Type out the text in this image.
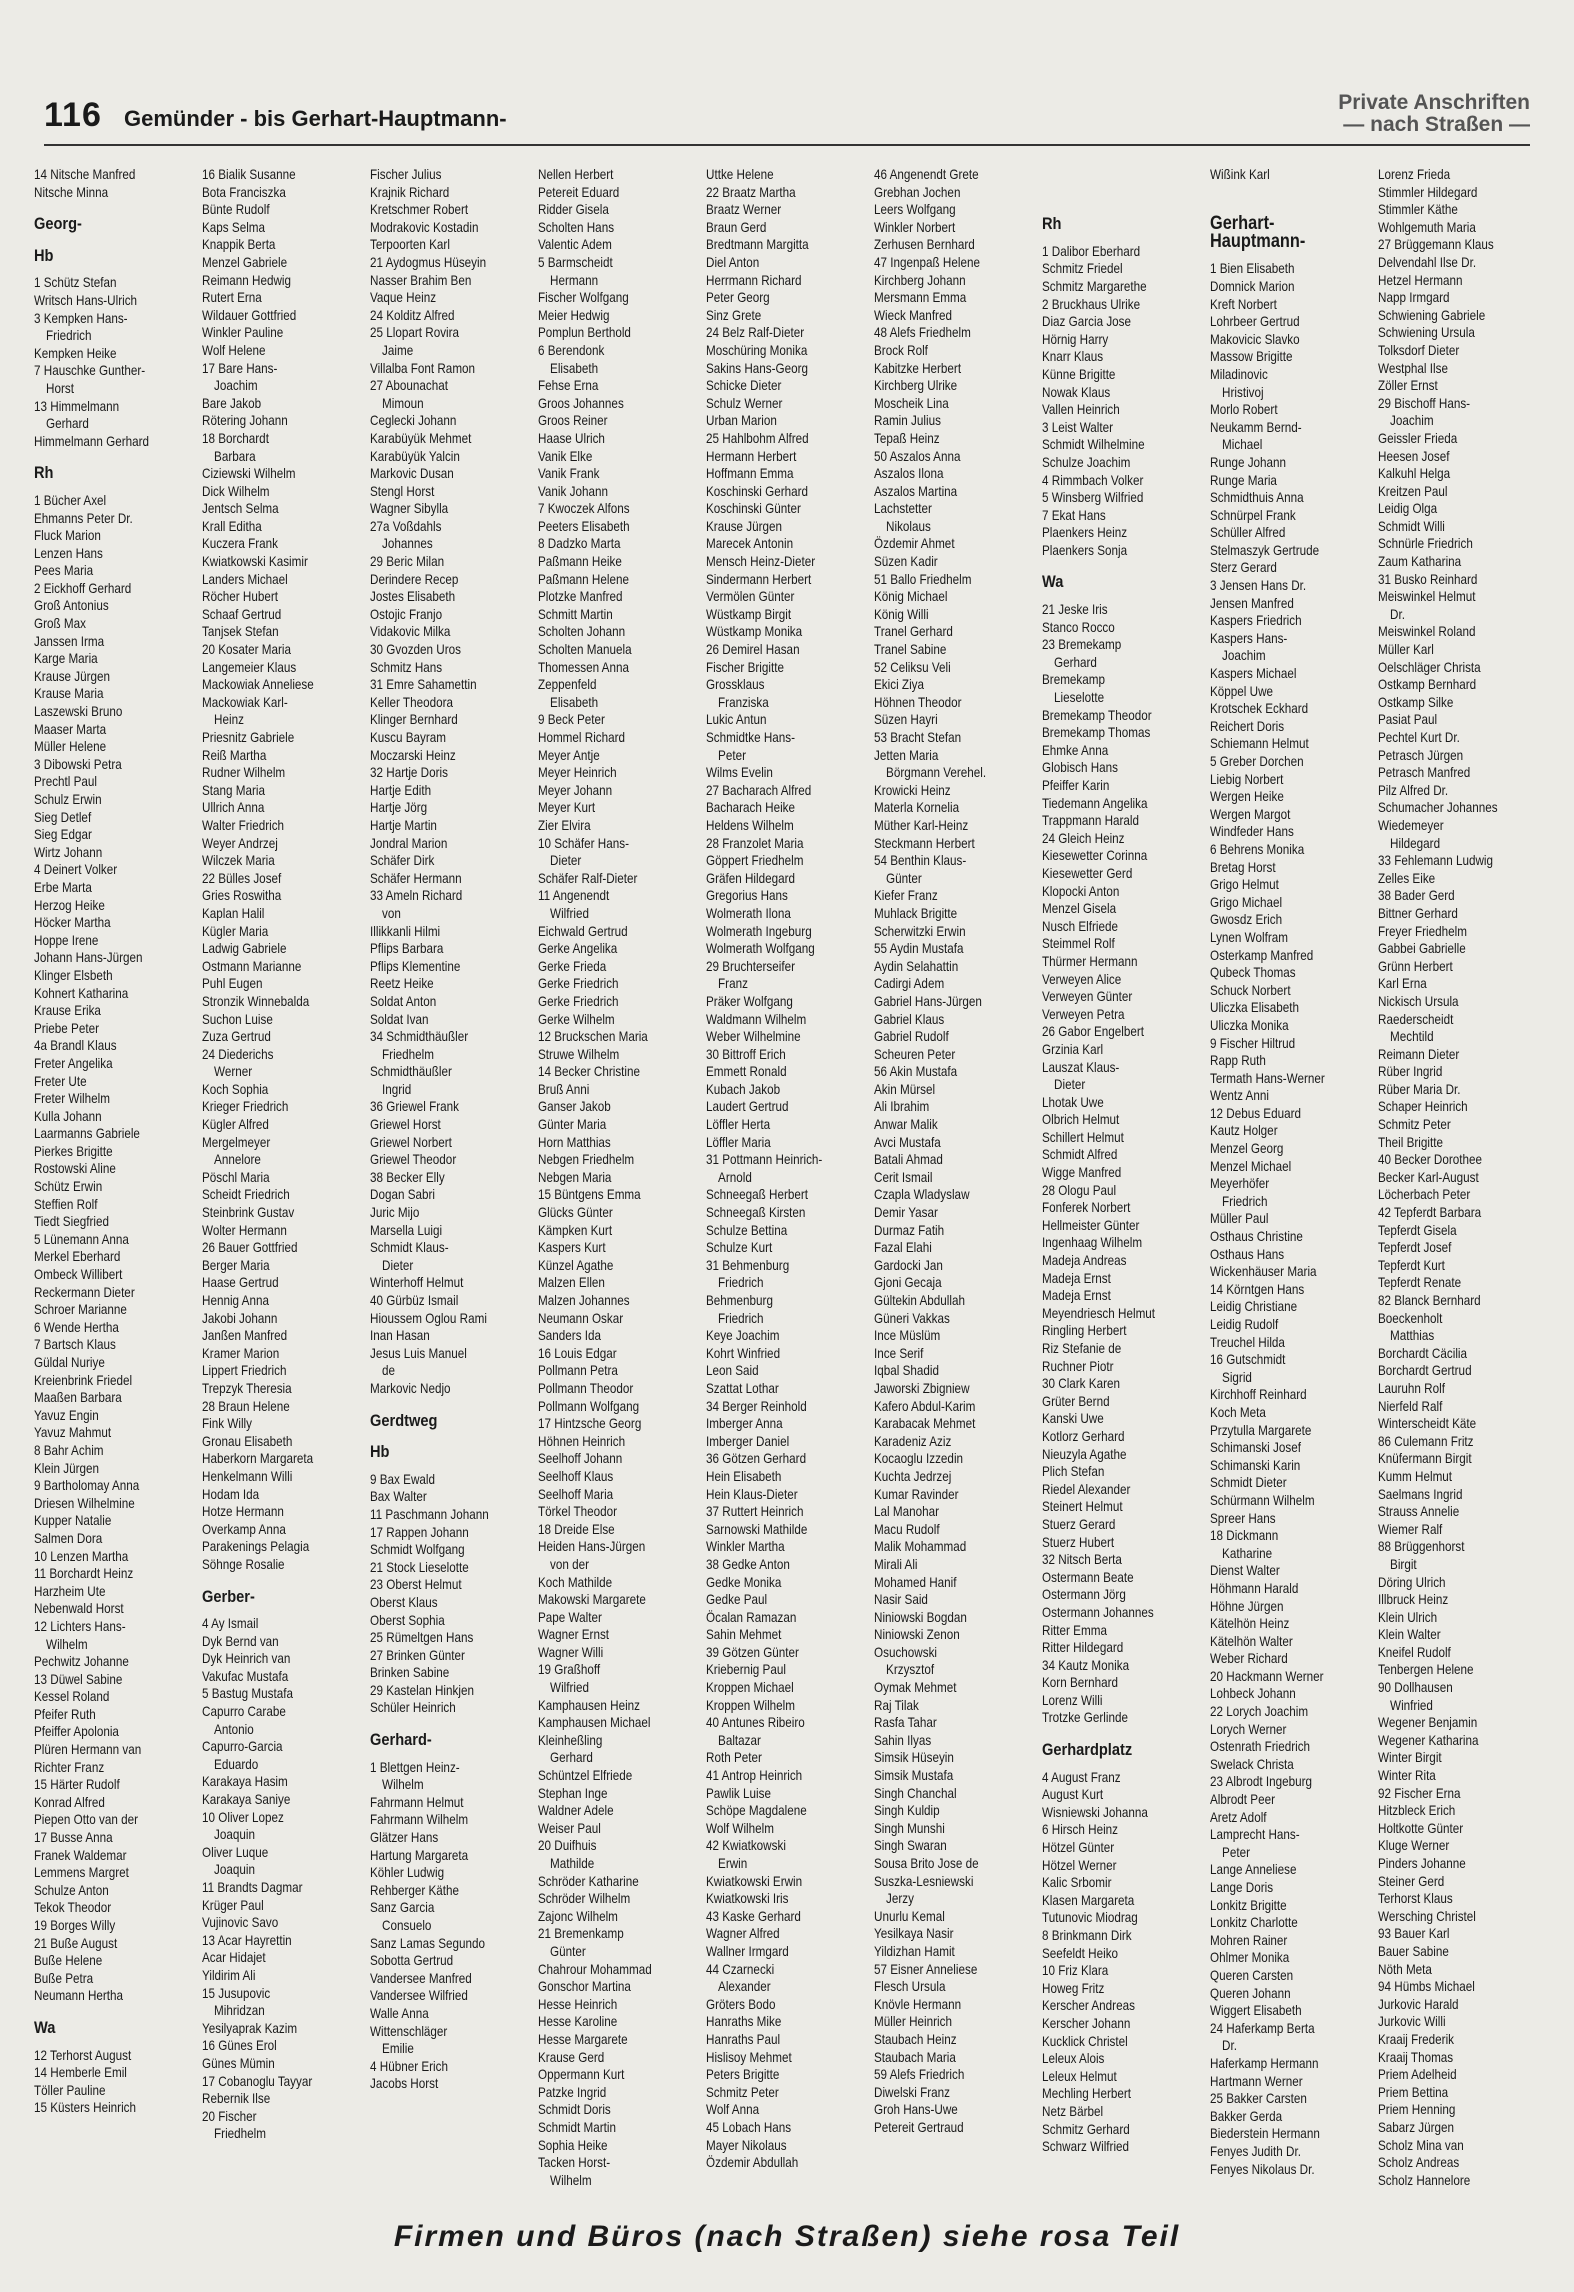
116 Gemünder - bis Gerhart-Hauptmann-
Private Anschriften
— nach Straßen —
14 Nitsche Manfred
Nitsche Minna
Georg-
Hb
1 Schütz Stefan
Writsch Hans-Ulrich
3 Kempken Hans-
Friedrich
Kempken Heike
7 Hauschke Gunther-
Horst
13 Himmelmann
Gerhard
Himmelmann Gerhard
Rh
1 Bücher Axel
Ehmanns Peter Dr.
Fluck Marion
Lenzen Hans
Pees Maria
2 Eickhoff Gerhard
Groß Antonius
Groß Max
Janssen Irma
Karge Maria
Krause Jürgen
Krause Maria
Laszewski Bruno
Maaser Marta
Müller Helene
3 Dibowski Petra
Prechtl Paul
Schulz Erwin
Sieg Detlef
Sieg Edgar
Wirtz Johann
4 Deinert Volker
Erbe Marta
Herzog Heike
Höcker Martha
Hoppe Irene
Johann Hans-Jürgen
Klinger Elsbeth
Kohnert Katharina
Krause Erika
Priebe Peter
4a Brandl Klaus
Freter Angelika
Freter Ute
Freter Wilhelm
Kulla Johann
Laarmanns Gabriele
Pierkes Brigitte
Rostowski Aline
Schütz Erwin
Steffien Rolf
Tiedt Siegfried
5 Lünemann Anna
Merkel Eberhard
Ombeck Willibert
Reckermann Dieter
Schroer Marianne
6 Wende Hertha
7 Bartsch Klaus
Güldal Nuriye
Kreienbrink Friedel
Maaßen Barbara
Yavuz Engin
Yavuz Mahmut
8 Bahr Achim
Klein Jürgen
9 Bartholomay Anna
Driesen Wilhelmine
Kupper Natalie
Salmen Dora
10 Lenzen Martha
11 Borchardt Heinz
Harzheim Ute
Nebenwald Horst
12 Lichters Hans-
Wilhelm
Pechwitz Johanne
13 Düwel Sabine
Kessel Roland
Pfeifer Ruth
Pfeiffer Apolonia
Plüren Hermann van
Richter Franz
15 Härter Rudolf
Konrad Alfred
Piepen Otto van der
17 Busse Anna
Franek Waldemar
Lemmens Margret
Schulze Anton
Tekok Theodor
19 Borges Willy
21 Buße August
Buße Helene
Buße Petra
Neumann Hertha
Wa
12 Terhorst August
14 Hemberle Emil
Töller Pauline
15 Küsters Heinrich
16 Bialik Susanne
Bota Franciszka
Bünte Rudolf
Kaps Selma
Knappik Berta
Menzel Gabriele
Reimann Hedwig
Rutert Erna
Wildauer Gottfried
Winkler Pauline
Wolf Helene
17 Bare Hans-
Joachim
Bare Jakob
Rötering Johann
18 Borchardt
Barbara
Ciziewski Wilhelm
Dick Wilhelm
Jentsch Selma
Krall Editha
Kuczera Frank
Kwiatkowski Kasimir
Landers Michael
Röcher Hubert
Schaaf Gertrud
Tanjsek Stefan
20 Kosater Maria
Langemeier Klaus
Mackowiak Anneliese
Mackowiak Karl-
Heinz
Priesnitz Gabriele
Reiß Martha
Rudner Wilhelm
Stang Maria
Ullrich Anna
Walter Friedrich
Weyer Andrzej
Wilczek Maria
22 Bülles Josef
Gries Roswitha
Kaplan Halil
Kügler Maria
Ladwig Gabriele
Ostmann Marianne
Puhl Eugen
Stronzik Winnebalda
Suchon Luise
Zuza Gertrud
24 Diederichs
Werner
Koch Sophia
Krieger Friedrich
Kügler Alfred
Mergelmeyer
Annelore
Pöschl Maria
Scheidt Friedrich
Steinbrink Gustav
Wolter Hermann
26 Bauer Gottfried
Berger Maria
Haase Gertrud
Hennig Anna
Jakobi Johann
Janßen Manfred
Kramer Marion
Lippert Friedrich
Trepzyk Theresia
28 Braun Helene
Fink Willy
Gronau Elisabeth
Haberkorn Margareta
Henkelmann Willi
Hodam Ida
Hotze Hermann
Overkamp Anna
Parakenings Pelagia
Söhnge Rosalie
Gerber-
4 Ay Ismail
Dyk Bernd van
Dyk Heinrich van
Vakufac Mustafa
5 Bastug Mustafa
Capurro Carabe
Antonio
Capurro-Garcia
Eduardo
Karakaya Hasim
Karakaya Saniye
10 Oliver Lopez
Joaquin
Oliver Luque
Joaquin
11 Brandts Dagmar
Krüger Paul
Vujinovic Savo
13 Acar Hayrettin
Acar Hidajet
Yildirim Ali
15 Jusupovic
Mihridzan
Yesilyaprak Kazim
16 Günes Erol
Günes Mümin
17 Cobanoglu Tayyar
Rebernik Ilse
20 Fischer
Friedhelm
Fischer Julius
Krajnik Richard
Kretschmer Robert
Modrakovic Kostadin
Terpoorten Karl
21 Aydogmus Hüseyin
Nasser Brahim Ben
Vaque Heinz
24 Kolditz Alfred
25 Llopart Rovira
Jaime
Villalba Font Ramon
27 Abounachat
Mimoun
Ceglecki Johann
Karabüyük Mehmet
Karabüyük Yalcin
Markovic Dusan
Stengl Horst
Wagner Sibylla
27a Voßdahls
Johannes
29 Beric Milan
Derindere Recep
Jostes Elisabeth
Ostojic Franjo
Vidakovic Milka
30 Gvozden Uros
Schmitz Hans
31 Emre Sahamettin
Keller Theodora
Klinger Bernhard
Kuscu Bayram
Moczarski Heinz
32 Hartje Doris
Hartje Edith
Hartje Jörg
Hartje Martin
Jondral Marion
Schäfer Dirk
Schäfer Hermann
33 Ameln Richard
von
Illikkanli Hilmi
Pflips Barbara
Pflips Klementine
Reetz Heike
Soldat Anton
Soldat Ivan
34 Schmidthäußler
Friedhelm
Schmidthäußler
Ingrid
36 Griewel Frank
Griewel Horst
Griewel Norbert
Griewel Theodor
38 Becker Elly
Dogan Sabri
Juric Mijo
Marsella Luigi
Schmidt Klaus-
Dieter
Winterhoff Helmut
40 Gürbüz Ismail
Hioussem Oglou Rami
Inan Hasan
Jesus Luis Manuel
de
Markovic Nedjo
Gerdtweg
Hb
9 Bax Ewald
Bax Walter
11 Paschmann Johann
17 Rappen Johann
Schmidt Wolfgang
21 Stock Lieselotte
23 Oberst Helmut
Oberst Klaus
Oberst Sophia
25 Rümeltgen Hans
27 Brinken Günter
Brinken Sabine
29 Kastelan Hinkjen
Schüler Heinrich
Gerhard-
1 Blettgen Heinz-
Wilhelm
Fahrmann Helmut
Fahrmann Wilhelm
Glätzer Hans
Hartung Margareta
Köhler Ludwig
Rehberger Käthe
Sanz Garcia
Consuelo
Sanz Lamas Segundo
Sobotta Gertrud
Vandersee Manfred
Vandersee Wilfried
Walle Anna
Wittenschläger
Emilie
4 Hübner Erich
Jacobs Horst
Nellen Herbert
Petereit Eduard
Ridder Gisela
Scholten Hans
Valentic Adem
5 Barmscheidt
Hermann
Fischer Wolfgang
Meier Hedwig
Pomplun Berthold
6 Berendonk
Elisabeth
Fehse Erna
Groos Johannes
Groos Reiner
Haase Ulrich
Vanik Elke
Vanik Frank
Vanik Johann
7 Kwoczek Alfons
Peeters Elisabeth
8 Dadzko Marta
Paßmann Heike
Paßmann Helene
Plotzke Manfred
Schmitt Martin
Scholten Johann
Scholten Manuela
Thomessen Anna
Zeppenfeld
Elisabeth
9 Beck Peter
Hommel Richard
Meyer Antje
Meyer Heinrich
Meyer Johann
Meyer Kurt
Zier Elvira
10 Schäfer Hans-
Dieter
Schäfer Ralf-Dieter
11 Angenendt
Wilfried
Eichwald Gertrud
Gerke Angelika
Gerke Frieda
Gerke Friedrich
Gerke Friedrich
Gerke Wilhelm
12 Bruckschen Maria
Struwe Wilhelm
14 Becker Christine
Bruß Anni
Ganser Jakob
Günter Maria
Horn Matthias
Nebgen Friedhelm
Nebgen Maria
15 Büntgens Emma
Glücks Günter
Kämpken Kurt
Kaspers Kurt
Künzel Agathe
Malzen Ellen
Malzen Johannes
Neumann Oskar
Sanders Ida
16 Louis Edgar
Pollmann Petra
Pollmann Theodor
Pollmann Wolfgang
17 Hintzsche Georg
Höhnen Heinrich
Seelhoff Johann
Seelhoff Klaus
Seelhoff Maria
Törkel Theodor
18 Dreide Else
Heiden Hans-Jürgen
von der
Koch Mathilde
Makowski Margarete
Pape Walter
Wagner Ernst
Wagner Willi
19 Graßhoff
Wilfried
Kamphausen Heinz
Kamphausen Michael
Kleinheßling
Gerhard
Schüntzel Elfriede
Stephan Inge
Waldner Adele
Weiser Paul
20 Duifhuis
Mathilde
Schröder Katharine
Schröder Wilhelm
Zajonc Wilhelm
21 Bremenkamp
Günter
Chahrour Mohammad
Gonschor Martina
Hesse Heinrich
Hesse Karoline
Hesse Margarete
Krause Gerd
Oppermann Kurt
Patzke Ingrid
Schmidt Doris
Schmidt Martin
Sophia Heike
Tacken Horst-
Wilhelm
Uttke Helene
22 Braatz Martha
Braatz Werner
Braun Gerd
Bredtmann Margitta
Diel Anton
Herrmann Richard
Peter Georg
Sinz Grete
24 Belz Ralf-Dieter
Moschüring Monika
Sakins Hans-Georg
Schicke Dieter
Schulz Werner
Urban Marion
25 Hahlbohm Alfred
Hermann Herbert
Hoffmann Emma
Koschinski Gerhard
Koschinski Günter
Krause Jürgen
Marecek Antonin
Mensch Heinz-Dieter
Sindermann Herbert
Vermölen Günter
Wüstkamp Birgit
Wüstkamp Monika
26 Demirel Hasan
Fischer Brigitte
Grossklaus
Franziska
Lukic Antun
Schmidtke Hans-
Peter
Wilms Evelin
27 Bacharach Alfred
Bacharach Heike
Heldens Wilhelm
28 Franzolet Maria
Göppert Friedhelm
Gräfen Hildegard
Gregorius Hans
Wolmerath Ilona
Wolmerath Ingeburg
Wolmerath Wolfgang
29 Bruchterseifer
Franz
Präker Wolfgang
Waldmann Wilhelm
Weber Wilhelmine
30 Bittroff Erich
Emmett Ronald
Kubach Jakob
Laudert Gertrud
Löffler Herta
Löffler Maria
31 Pottmann Heinrich-
Arnold
Schneegaß Herbert
Schneegaß Kirsten
Schulze Bettina
Schulze Kurt
31 Behmenburg
Friedrich
Behmenburg
Friedrich
Keye Joachim
Kohrt Winfried
Leon Said
Szattat Lothar
34 Berger Reinhold
Imberger Anna
Imberger Daniel
36 Götzen Gerhard
Hein Elisabeth
Hein Klaus-Dieter
37 Ruttert Heinrich
Sarnowski Mathilde
Winkler Martha
38 Gedke Anton
Gedke Monika
Gedke Paul
Öcalan Ramazan
Sahin Mehmet
39 Götzen Günter
Kriebernig Paul
Kroppen Michael
Kroppen Wilhelm
40 Antunes Ribeiro
Baltazar
Roth Peter
41 Antrop Heinrich
Pawlik Luise
Schöpe Magdalene
Wolf Wilhelm
42 Kwiatkowski
Erwin
Kwiatkowski Erwin
Kwiatkowski Iris
43 Kaske Gerhard
Wagner Alfred
Wallner Irmgard
44 Czarnecki
Alexander
Gröters Bodo
Hanraths Mike
Hanraths Paul
Hislisoy Mehmet
Peters Brigitte
Schmitz Peter
Wolf Anna
45 Lobach Hans
Mayer Nikolaus
Özdemir Abdullah
46 Angenendt Grete
Grebhan Jochen
Leers Wolfgang
Winkler Norbert
Zerhusen Bernhard
47 Ingenpaß Helene
Kirchberg Johann
Mersmann Emma
Wieck Manfred
48 Alefs Friedhelm
Brock Rolf
Kabitzke Herbert
Kirchberg Ulrike
Moscheik Lina
Ramin Julius
Tepaß Heinz
50 Aszalos Anna
Aszalos Ilona
Aszalos Martina
Lachstetter
Nikolaus
Özdemir Ahmet
Süzen Kadir
51 Ballo Friedhelm
König Michael
König Willi
Tranel Gerhard
Tranel Sabine
52 Celiksu Veli
Ekici Ziya
Höhnen Theodor
Süzen Hayri
53 Bracht Stefan
Jetten Maria
Börgmann Verehel.
Krowicki Heinz
Materla Kornelia
Müther Karl-Heinz
Steckmann Herbert
54 Benthin Klaus-
Günter
Kiefer Franz
Muhlack Brigitte
Scherwitzki Erwin
55 Aydin Mustafa
Aydin Selahattin
Cadirgi Adem
Gabriel Hans-Jürgen
Gabriel Klaus
Gabriel Rudolf
Scheuren Peter
56 Akin Mustafa
Akin Mürsel
Ali Ibrahim
Anwar Malik
Avci Mustafa
Batali Ahmad
Cerit Ismail
Czapla Wladyslaw
Demir Yasar
Durmaz Fatih
Fazal Elahi
Gardocki Jan
Gjoni Gecaja
Gültekin Abdullah
Güneri Vakkas
Ince Müslüm
Ince Serif
Iqbal Shadid
Jaworski Zbigniew
Kafero Abdul-Karim
Karabacak Mehmet
Karadeniz Aziz
Kocaoglu Izzedin
Kuchta Jedrzej
Kumar Ravinder
Lal Manohar
Macu Rudolf
Malik Mohammad
Mirali Ali
Mohamed Hanif
Nasir Said
Niniowski Bogdan
Niniowski Zenon
Osuchowski
Krzysztof
Oymak Mehmet
Raj Tilak
Rasfa Tahar
Sahin Ilyas
Simsik Hüseyin
Simsik Mustafa
Singh Chanchal
Singh Kuldip
Singh Munshi
Singh Swaran
Sousa Brito Jose de
Suszka-Lesniewski
Jerzy
Unurlu Kemal
Yesilkaya Nasir
Yildizhan Hamit
57 Eisner Anneliese
Flesch Ursula
Knövle Hermann
Müller Heinrich
Staubach Heinz
Staubach Maria
59 Alefs Friedrich
Diwelski Franz
Groh Hans-Uwe
Petereit Gertraud

Rh
1 Dalibor Eberhard
Schmitz Friedel
Schmitz Margarethe
2 Bruckhaus Ulrike
Diaz Garcia Jose
Hörnig Harry
Knarr Klaus
Künne Brigitte
Nowak Klaus
Vallen Heinrich
3 Leist Walter
Schmidt Wilhelmine
Schulze Joachim
4 Rimmbach Volker
5 Winsberg Wilfried
7 Ekat Hans
Plaenkers Heinz
Plaenkers Sonja
Wa
21 Jeske Iris
Stanco Rocco
23 Bremekamp
Gerhard
Bremekamp
Lieselotte
Bremekamp Theodor
Bremekamp Thomas
Ehmke Anna
Globisch Hans
Pfeiffer Karin
Tiedemann Angelika
Trappmann Harald
24 Gleich Heinz
Kiesewetter Corinna
Kiesewetter Gerd
Klopocki Anton
Menzel Gisela
Nusch Elfriede
Steimmel Rolf
Thürmer Hermann
Verweyen Alice
Verweyen Günter
Verweyen Petra
26 Gabor Engelbert
Grzinia Karl
Lauszat Klaus-
Dieter
Lhotak Uwe
Olbrich Helmut
Schillert Helmut
Schmidt Alfred
Wigge Manfred
28 Ologu Paul
Fonferek Norbert
Hellmeister Günter
Ingenhaag Wilhelm
Madeja Andreas
Madeja Ernst
Madeja Ernst
Meyendriesch Helmut
Ringling Herbert
Riz Stefanie de
Ruchner Piotr
30 Clark Karen
Grüter Bernd
Kanski Uwe
Kotlorz Gerhard
Nieuzyla Agathe
Plich Stefan
Riedel Alexander
Steinert Helmut
Stuerz Gerard
Stuerz Hubert
32 Nitsch Berta
Ostermann Beate
Ostermann Jörg
Ostermann Johannes
Ritter Emma
Ritter Hildegard
34 Kautz Monika
Korn Bernhard
Lorenz Willi
Trotzke Gerlinde
Gerhardplatz
4 August Franz
August Kurt
Wisniewski Johanna
6 Hirsch Heinz
Hötzel Günter
Hötzel Werner
Kalic Srbomir
Klasen Margareta
Tutunovic Miodrag
8 Brinkmann Dirk
Seefeldt Heiko
10 Friz Klara
Howeg Fritz
Kerscher Andreas
Kerscher Johann
Kucklick Christel
Leleux Alois
Leleux Helmut
Mechling Herbert
Netz Bärbel
Schmitz Gerhard
Schwarz Wilfried
Wißink Karl

Gerhart-Hauptmann-
1 Bien Elisabeth
Domnick Marion
Kreft Norbert
Lohrbeer Gertrud
Makovicic Slavko
Massow Brigitte
Miladinovic
Hristivoj
Morlo Robert
Neukamm Bernd-
Michael
Runge Johann
Runge Maria
Schmidthuis Anna
Schnürpel Frank
Schüller Alfred
Stelmaszyk Gertrude
Sterz Gerard
3 Jensen Hans Dr.
Jensen Manfred
Kaspers Friedrich
Kaspers Hans-
Joachim
Kaspers Michael
Köppel Uwe
Krotschek Eckhard
Reichert Doris
Schiemann Helmut
5 Greber Dorchen
Liebig Norbert
Wergen Heike
Wergen Margot
Windfeder Hans
6 Behrens Monika
Bretag Horst
Grigo Helmut
Grigo Michael
Gwosdz Erich
Lynen Wolfram
Osterkamp Manfred
Qubeck Thomas
Schuck Norbert
Uliczka Elisabeth
Uliczka Monika
9 Fischer Hiltrud
Rapp Ruth
Termath Hans-Werner
Wentz Anni
12 Debus Eduard
Kautz Holger
Menzel Georg
Menzel Michael
Meyerhöfer
Friedrich
Müller Paul
Osthaus Christine
Osthaus Hans
Wickenhäuser Maria
14 Körntgen Hans
Leidig Christiane
Leidig Rudolf
Treuchel Hilda
16 Gutschmidt
Sigrid
Kirchhoff Reinhard
Koch Meta
Przytulla Margarete
Schimanski Josef
Schimanski Karin
Schmidt Dieter
Schürmann Wilhelm
Spreer Hans
18 Dickmann
Katharine
Dienst Walter
Höhmann Harald
Höhne Jürgen
Kätelhön Heinz
Kätelhön Walter
Weber Richard
20 Hackmann Werner
Lohbeck Johann
22 Lorych Joachim
Lorych Werner
Ostenrath Friedrich
Swelack Christa
23 Albrodt Ingeburg
Albrodt Peer
Aretz Adolf
Lamprecht Hans-
Peter
Lange Anneliese
Lange Doris
Lonkitz Brigitte
Lonkitz Charlotte
Mohren Rainer
Ohlmer Monika
Queren Carsten
Queren Johann
Wiggert Elisabeth
24 Haferkamp Berta
Dr.
Haferkamp Hermann
Hartmann Werner
25 Bakker Carsten
Bakker Gerda
Biederstein Hermann
Fenyes Judith Dr.
Fenyes Nikolaus Dr.
Lorenz Frieda
Stimmler Hildegard
Stimmler Käthe
Wohlgemuth Maria
27 Brüggemann Klaus
Delvendahl Ilse Dr.
Hetzel Hermann
Napp Irmgard
Schwiening Gabriele
Schwiening Ursula
Tolksdorf Dieter
Westphal Ilse
Zöller Ernst
29 Bischoff Hans-
Joachim
Geissler Frieda
Heesen Josef
Kalkuhl Helga
Kreitzen Paul
Leidig Olga
Schmidt Willi
Schnürle Friedrich
Zaum Katharina
31 Busko Reinhard
Meiswinkel Helmut
Dr.
Meiswinkel Roland
Müller Karl
Oelschläger Christa
Ostkamp Bernhard
Ostkamp Silke
Pasiat Paul
Pechtel Kurt Dr.
Petrasch Jürgen
Petrasch Manfred
Pilz Alfred Dr.
Schumacher Johannes
Wiedemeyer
Hildegard
33 Fehlemann Ludwig
Zelles Eike
38 Bader Gerd
Bittner Gerhard
Freyer Friedhelm
Gabbei Gabrielle
Grünn Herbert
Karl Erna
Nickisch Ursula
Raederscheidt
Mechtild
Reimann Dieter
Rüber Ingrid
Rüber Maria Dr.
Schaper Heinrich
Schmitz Peter
Theil Brigitte
40 Becker Dorothee
Becker Karl-August
Löcherbach Peter
42 Tepferdt Barbara
Tepferdt Gisela
Tepferdt Josef
Tepferdt Kurt
Tepferdt Renate
82 Blanck Bernhard
Boeckenholt
Matthias
Borchardt Cäcilia
Borchardt Gertrud
Lauruhn Rolf
Nierfeld Ralf
Winterscheidt Käte
86 Culemann Fritz
Knüfermann Birgit
Kumm Helmut
Saelmans Ingrid
Strauss Annelie
Wiemer Ralf
88 Brüggenhorst
Birgit
Döring Ulrich
Illbruck Heinz
Klein Ulrich
Klein Walter
Kneifel Rudolf
Tenbergen Helene
90 Dollhausen
Winfried
Wegener Benjamin
Wegener Katharina
Winter Birgit
Winter Rita
92 Fischer Erna
Hitzbleck Erich
Holtkotte Günter
Kluge Werner
Pinders Johanne
Steiner Gerd
Terhorst Klaus
Wersching Christel
93 Bauer Karl
Bauer Sabine
Nöth Meta
94 Hümbs Michael
Jurkovic Harald
Jurkovic Willi
Kraaij Frederik
Kraaij Thomas
Priem Adelheid
Priem Bettina
Priem Henning
Sabarz Jürgen
Scholz Mina van
Scholz Andreas
Scholz Hannelore
Firmen und Büros (nach Straßen) siehe rosa Teil
